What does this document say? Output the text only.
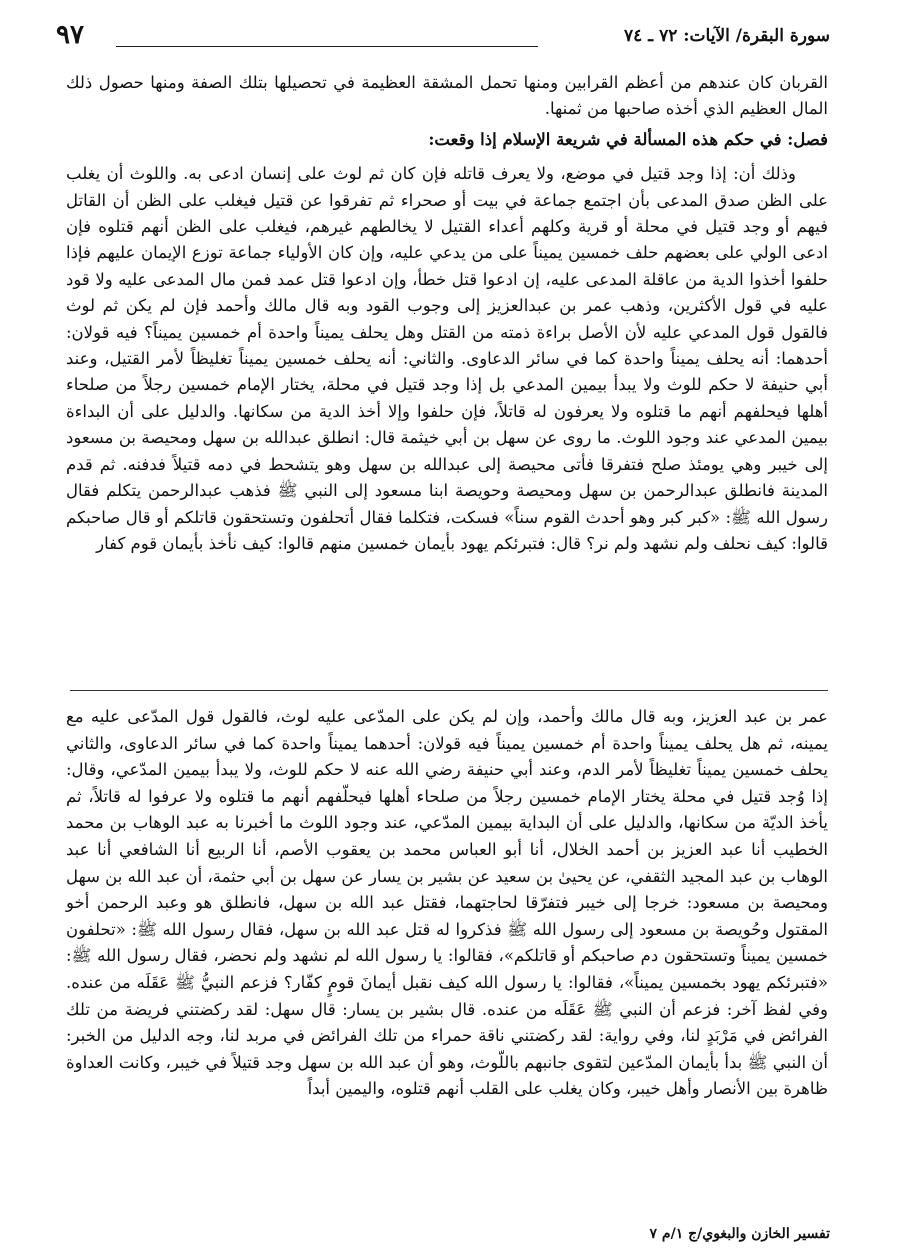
سورة البقرة/ الآيات: ٧٢ ـ ٧٤
٩٧

القربان كان عندهم من أعظم القرابين ومنها تحمل المشقة العظيمة في تحصيلها بتلك الصفة ومنها حصول ذلك المال العظيم الذي أخذه صاحبها من ثمنها.

فصل: في حكم هذه المسألة في شريعة الإسلام إذا وقعت:

وذلك أن: إذا وجد قتيل في موضع، ولا يعرف قاتله فإن كان ثم لوث على إنسان ادعى به. واللوث أن يغلب على الظن صدق المدعى بأن اجتمع جماعة في بيت أو صحراء ثم تفرقوا عن قتيل فيغلب على الظن أن القاتل فيهم أو وجد قتيل في محلة أو قرية وكلهم أعداء القتيل لا يخالطهم غيرهم، فيغلب على الظن أنهم قتلوه فإن ادعى الولي على بعضهم حلف خمسين يميناً على من يدعي عليه، وإن كان الأولياء جماعة توزع الإيمان عليهم فإذا حلفوا أخذوا الدية من عاقلة المدعى عليه، إن ادعوا قتل خطأ، وإن ادعوا قتل عمد فمن مال المدعى عليه ولا قود عليه في قول الأكثرين، وذهب عمر بن عبدالعزيز إلى وجوب القود وبه قال مالك وأحمد فإن لم يكن ثم لوث فالقول قول المدعي عليه لأن الأصل براءة ذمته من القتل وهل يحلف يميناً واحدة أم خمسين يميناً؟ فيه قولان: أحدهما: أنه يحلف يميناً واحدة كما في سائر الدعاوى. والثاني: أنه يحلف خمسين يميناً تغليظاً لأمر القتيل، وعند أبي حنيفة لا حكم للوث ولا يبدأ بيمين المدعي بل إذا وجد قتيل في محلة، يختار الإمام خمسين رجلاً من صلحاء أهلها فيحلفهم أنهم ما قتلوه ولا يعرفون له قاتلاً، فإن حلفوا وإلا أخذ الدية من سكانها. والدليل على أن البداءة بيمين المدعي عند وجود اللوث. ما روى عن سهل بن أبي خيثمة قال: انطلق عبدالله بن سهل ومحيصة بن مسعود إلى خيبر وهي يومئذ صلح فتفرقا فأتى محيصة إلى عبدالله بن سهل وهو يتشحط في دمه قتيلاً فدفنه. ثم قدم المدينة فانطلق عبدالرحمن بن سهل ومحيصة وحويصة ابنا مسعود إلى النبي ﷺ فذهب عبدالرحمن يتكلم فقال رسول الله ﷺ: «كبر كبر وهو أحدث القوم سناً» فسكت، فتكلما فقال أتحلفون وتستحقون قاتلكم أو قال صاحبكم قالوا: كيف نحلف ولم نشهد ولم نر؟ قال: فتبرئكم يهود بأيمان خمسين منهم قالوا: كيف نأخذ بأيمان قوم كفار

عمر بن عبد العزيز، وبه قال مالك وأحمد، وإن لم يكن على المدّعى عليه لوث، فالقول قول المدّعى عليه مع يمينه، ثم هل يحلف يميناً واحدة أم خمسين يميناً فيه قولان: أحدهما يميناً واحدة كما في سائر الدعاوى، والثاني يحلف خمسين يميناً تغليظاً لأمر الدم، وعند أبي حنيفة رضي الله عنه لا حكم للوث، ولا يبدأ بيمين المدّعي، وقال: إذا وُجد قتيل في محلة يختار الإمام خمسين رجلاً من صلحاء أهلها فيحلّفهم أنهم ما قتلوه ولا عرفوا له قاتلاً، ثم يأخذ الديّة من سكانها، والدليل على أن البداية بيمين المدّعي، عند وجود اللوث ما أخبرنا به عبد الوهاب بن محمد الخطيب أنا عبد العزيز بن أحمد الخلال، أنا أبو العباس محمد بن يعقوب الأصم، أنا الربيع أنا الشافعي أنا عبد الوهاب بن عبد المجيد الثقفي، عن يحيىٰ بن سعيد عن بشير بن يسار عن سهل بن أبي حثمة، أن عبد الله بن سهل ومحيصة بن مسعود: خرجا إلى خيبر فتفرّقا لحاجتهما، فقتل عبد الله بن سهل، فانطلق هو وعبد الرحمن أخو المقتول وحُويصة بن مسعود إلى رسول الله ﷺ فذكروا له قتل عبد الله بن سهل، فقال رسول الله ﷺ: «تحلفون خمسين يميناً وتستحقون دم صاحبكم أو قاتلكم»، فقالوا: يا رسول الله لم نشهد ولم نحضر، فقال رسول الله ﷺ: «فتبرئكم يهود بخمسين يميناً»، فقالوا: يا رسول الله كيف نقبل أيمانَ قومٍ كفّار؟ فزعم النبيُّ ﷺ عَقَلَه من عنده. وفي لفظ آخر: فزعم أن النبي ﷺ عَقَلَه من عنده. قال بشير بن يسار: قال سهل: لقد ركضتني فريضة من تلك الفرائض في مَرْبَدٍ لنا، وفي رواية: لقد ركضتني ناقة حمراء من تلك الفرائض في مربد لنا، وجه الدليل من الخبر: أن النبي ﷺ بدأ بأيمان المدّعين لتقوى جانبهم باللّوث، وهو أن عبد الله بن سهل وجد قتيلاً في خيبر، وكانت العداوة ظاهرة بين الأنصار وأهل خيبر، وكان يغلب على القلب أنهم قتلوه، واليمين أبداً

تفسير الخازن والبغوي/ج ١/م ٧
